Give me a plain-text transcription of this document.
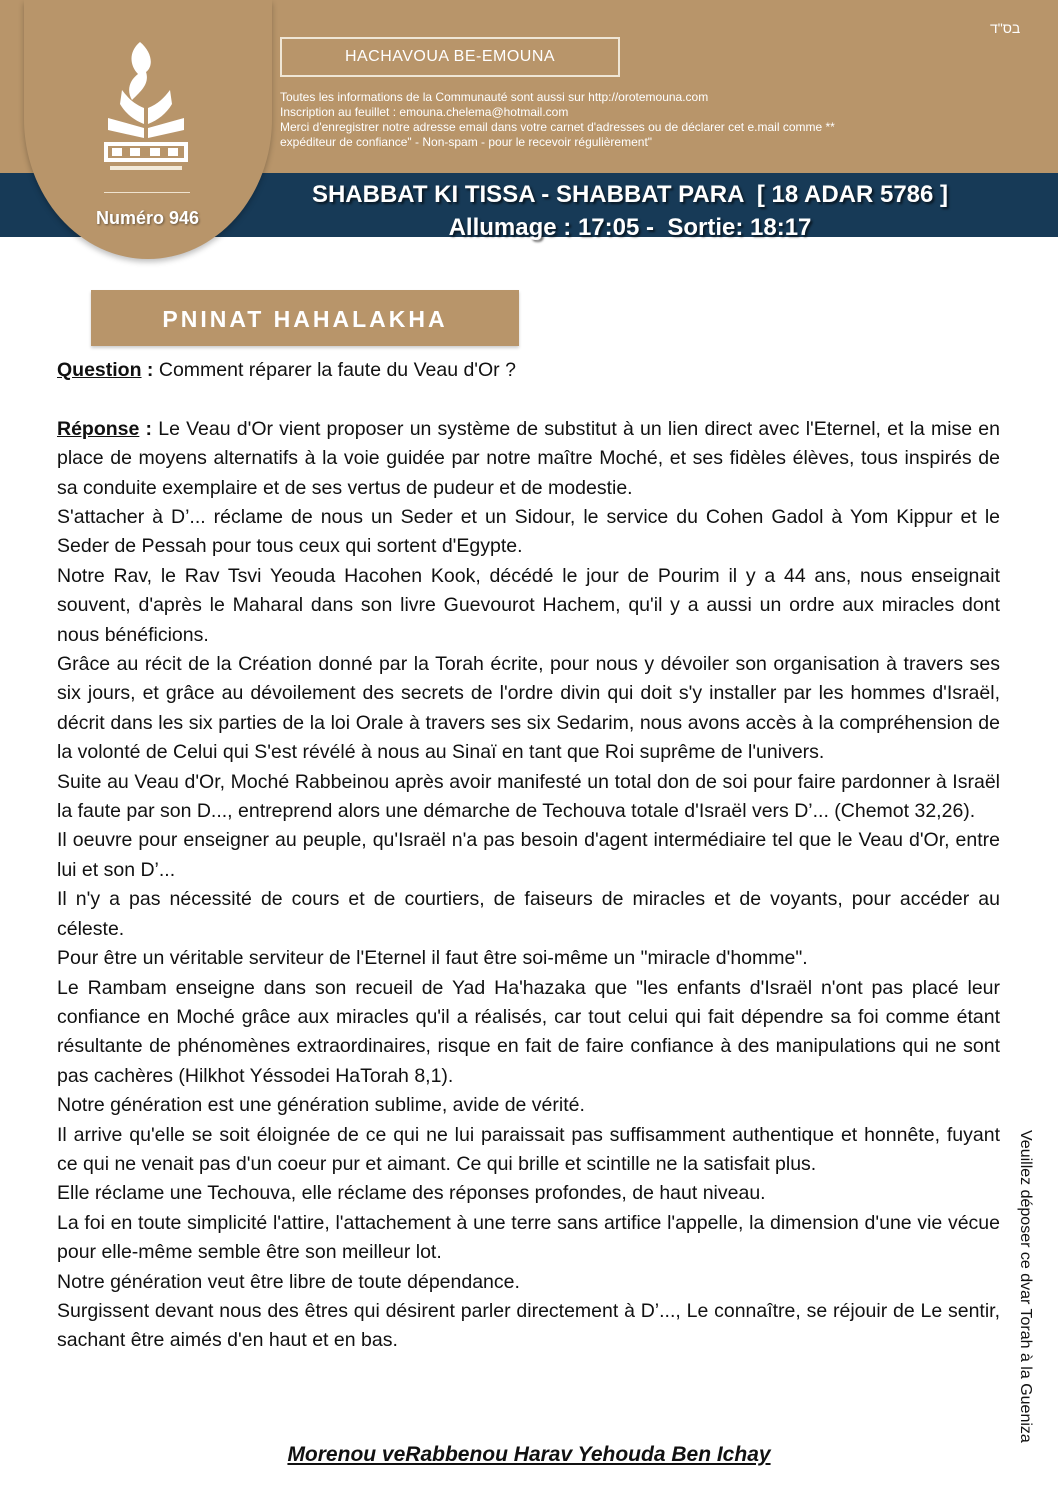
Numéro 946
בס"ד
HACHAVOUA BE-EMOUNA
Toutes les informations de la Communauté sont aussi sur http://orotemouna.com
Inscription au feuillet : emouna.chelema@hotmail.com
Merci d'enregistrer notre adresse email dans votre carnet d'adresses ou de déclarer cet e.mail comme **
expéditeur de confiance" - Non-spam - pour le recevoir régulièrement"
SHABBAT KI TISSA - SHABBAT PARA  [ 18 ADAR 5786 ]
Allumage : 17:05 -  Sortie: 18:17
PNINAT HAHALAKHA

Question : Comment réparer la faute du Veau d'Or ?

Réponse : Le Veau d'Or vient proposer un système de substitut à un lien direct avec l'Eternel, et la mise en place de moyens alternatifs à la voie guidée par notre maître Moché, et ses fidèles élèves, tous inspirés de sa conduite exemplaire et de ses vertus de pudeur et de modestie.

S'attacher à D’... réclame de nous un Seder et un Sidour, le service du Cohen Gadol à Yom Kippur et le Seder de Pessah pour tous ceux qui sortent d'Egypte.

Notre Rav, le Rav Tsvi Yeouda Hacohen Kook, décédé le jour de Pourim il y a 44 ans, nous enseignait souvent, d'après le Maharal dans son livre Guevourot Hachem, qu'il y a aussi un ordre aux miracles dont nous bénéficions.

Grâce au récit de la Création donné par la Torah écrite, pour nous y dévoiler son organisation à travers ses six jours, et grâce au dévoilement des secrets de l'ordre divin qui doit s'y installer par les hommes d'Israël, décrit dans les six parties de la loi Orale à travers ses six Sedarim, nous avons accès à la compréhension de la volonté de Celui qui S'est révélé à nous au Sinaï en tant que Roi suprême de l'univers.

Suite au Veau d'Or, Moché Rabbeinou après avoir manifesté un total don de soi pour faire pardonner à Israël la faute par son D..., entreprend alors une démarche de Techouva totale d'Israël vers D’... (Chemot 32,26).

Il oeuvre pour enseigner au peuple, qu'Israël n'a pas besoin d'agent intermédiaire tel que le Veau d'Or, entre lui et son D’...

Il n'y a pas nécessité de cours et de courtiers, de faiseurs de miracles et de voyants, pour accéder au céleste.

Pour être un véritable serviteur de l'Eternel il faut être soi-même un "miracle d'homme".

Le Rambam enseigne dans son recueil de Yad Ha'hazaka que "les enfants d'Israël n'ont pas placé leur confiance en Moché grâce aux miracles qu'il a réalisés, car tout celui qui fait dépendre sa foi comme étant résultante de phénomènes extraordinaires, risque en fait de faire confiance à des manipulations qui ne sont pas cachères (Hilkhot Yéssodei HaTorah 8,1).

Notre génération est une génération sublime, avide de vérité.

Il arrive qu'elle se soit éloignée de ce qui ne lui paraissait pas suffisamment authentique et honnête, fuyant ce qui ne venait pas d'un coeur pur et aimant. Ce qui brille et scintille ne la satisfait plus.

Elle réclame une Techouva, elle réclame des réponses profondes, de haut niveau.

La foi en toute simplicité l'attire, l'attachement à une terre sans artifice l'appelle, la dimension d'une vie vécue pour elle-même semble être son meilleur lot.

Notre génération veut être libre de toute dépendance.

Surgissent devant nous des êtres qui désirent parler directement à D’..., Le connaître, se réjouir de Le sentir, sachant être aimés d'en haut et en bas.	Veuillez déposer ce dvar Torah à la Guenizа
Morenou veRabbenou Harav Yehouda Ben Ichay
